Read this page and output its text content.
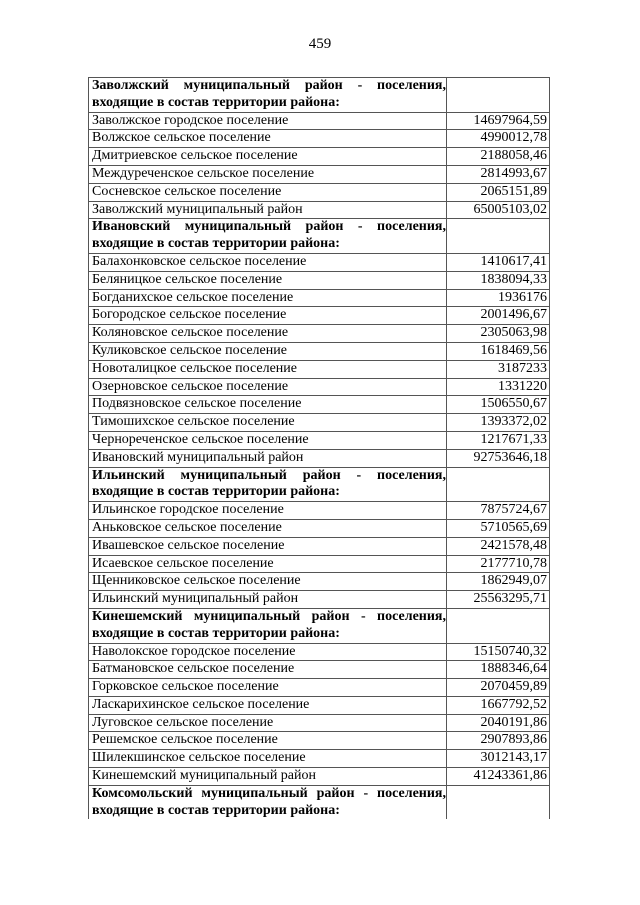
459
Заволжский муниципальный район - поселения, входящие в состав территории района:	
Заволжское городское поселение	14697964,59
Волжское сельское поселение	4990012,78
Дмитриевское сельское поселение	2188058,46
Междуреченское сельское поселение	2814993,67
Сосневское сельское поселение	2065151,89
Заволжский муниципальный район	65005103,02
Ивановский муниципальный район - поселения, входящие в состав территории района:	
Балахонковское сельское поселение	1410617,41
Беляницкое сельское поселение	1838094,33
Богданихское сельское поселение	1936176
Богородское сельское поселение	2001496,67
Коляновское сельское поселение	2305063,98
Куликовское сельское поселение	1618469,56
Новоталицкое сельское поселение	3187233
Озерновское сельское поселение	1331220
Подвязновское сельское поселение	1506550,67
Тимошихское сельское поселение	1393372,02
Чернореченское сельское поселение	1217671,33
Ивановский муниципальный район	92753646,18
Ильинский муниципальный район - поселения, входящие в состав территории района:	
Ильинское городское поселение	7875724,67
Аньковское сельское поселение	5710565,69
Ивашевское сельское поселение	2421578,48
Исаевское сельское поселение	2177710,78
Щенниковское сельское поселение	1862949,07
Ильинский муниципальный район	25563295,71
Кинешемский муниципальный район - поселения, входящие в состав территории района:	
Наволокское городское поселение	15150740,32
Батмановское сельское поселение	1888346,64
Горковское сельское поселение	2070459,89
Ласкарихинское сельское поселение	1667792,52
Луговское сельское поселение	2040191,86
Решемское сельское поселение	2907893,86
Шилекшинское сельское поселение	3012143,17
Кинешемский муниципальный район	41243361,86
Комсомольский муниципальный район - поселения, входящие в состав территории района:	
